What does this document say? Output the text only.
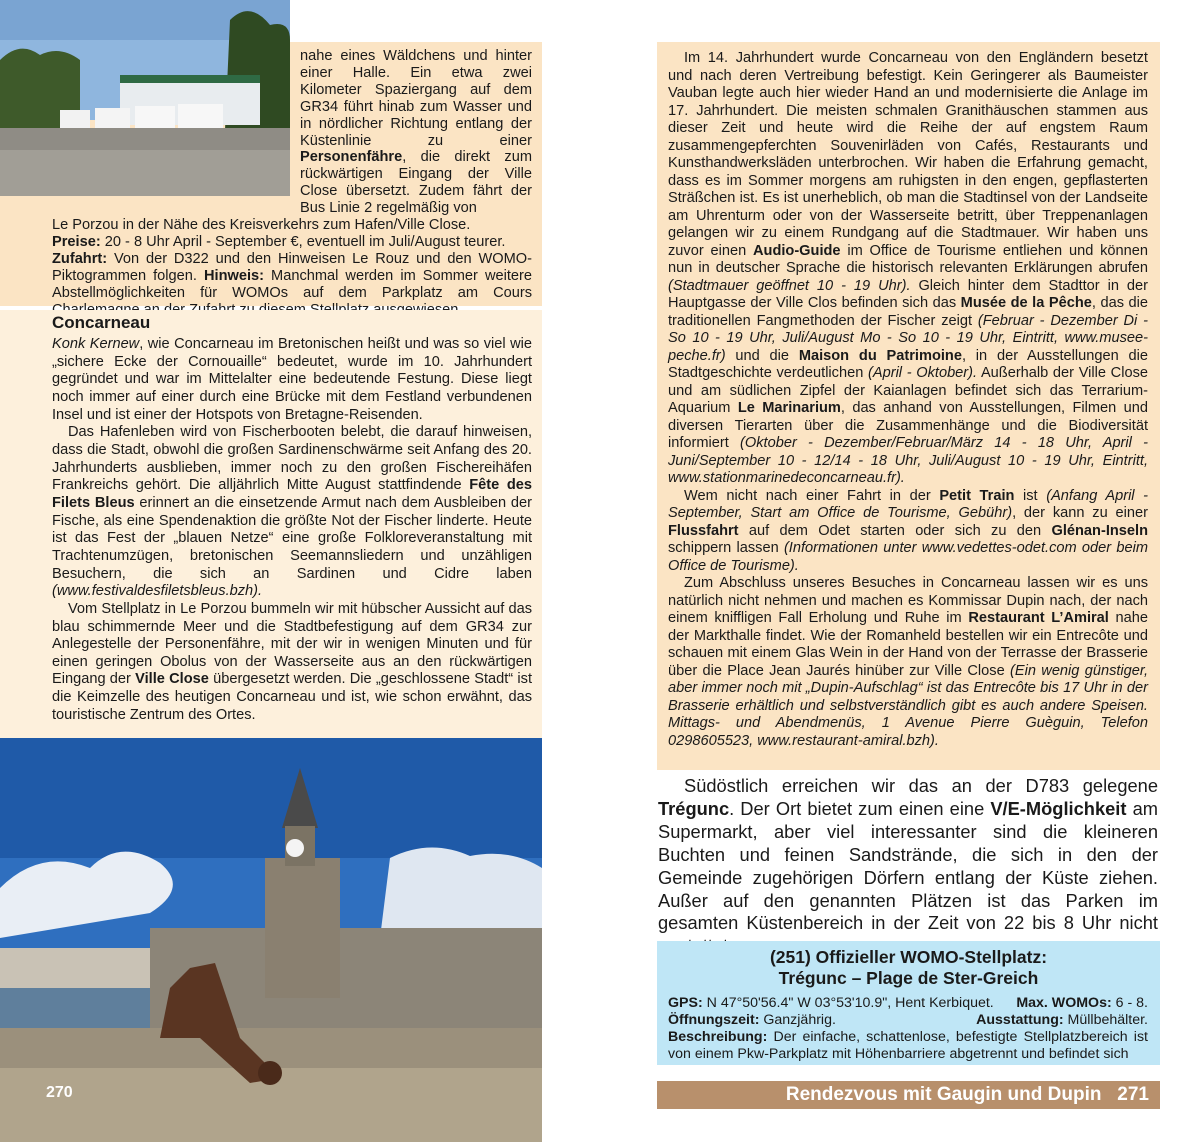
nahe eines Wäldchens und hinter einer Halle. Ein etwa zwei Kilometer Spaziergang auf dem GR34 führt hinab zum Wasser und in nördlicher Richtung entlang der Küstenlinie zu einer Personenfähre, die direkt zum rückwärtigen Eingang der Ville Close übersetzt. Zudem fährt der Bus Linie 2 regelmäßig von

Le Porzou in der Nähe des Kreisverkehrs zum Hafen/Ville Close.

Preise: 20 - 8 Uhr April - September €, eventuell im Juli/August teurer.

Zufahrt: Von der D322 und den Hinweisen Le Rouz und den WOMO-Piktogrammen folgen. Hinweis: Manchmal werden im Sommer weitere Abstellmöglichkeiten für WOMOs auf dem Parkplatz am Cours

Concarneau

Konk Kernew, wie Concarneau im Bretonischen heißt und was so viel wie „sichere Ecke der Cornouaille“ bedeutet, wurde im 10. Jahrhundert gegründet und war im Mittelalter eine bedeutende Festung. Diese liegt noch immer auf einer durch eine Brücke mit dem Festland verbundenen Insel und ist einer der Hotspots von Bretagne-Reisenden.

Das Hafenleben wird von Fischerbooten belebt, die darauf hinweisen, dass die Stadt, obwohl die großen Sardinenschwärme seit Anfang des 20. Jahrhunderts ausblieben, immer noch zu den großen Fischereihäfen Frankreichs gehört. Die alljährlich Mitte August stattfindende Fête des Filets Bleus erinnert an die einsetzende Armut nach dem Ausbleiben der Fische, als eine Spendenaktion die größte Not der Fischer linderte. Heute ist das Fest der „blauen Netze“ eine große Folkloreveranstaltung mit Trachtenumzügen, bretonischen Seemannsliedern und unzähligen Besuchern, die sich an Sardinen und Cidre laben (www.festivaldesfiletsbleus.bzh).

Vom Stellplatz in Le Porzou bummeln wir mit hübscher Aussicht auf das blau schimmernde Meer und die Stadtbefestigung auf dem GR34 zur Anlegestelle der Personenfähre, mit der wir in wenigen Minuten und für einen geringen Obolus von der Wasserseite aus an den rückwärtigen Eingang der Ville Close übergesetzt werden. Die „geschlossene Stadt“ ist die Keimzelle des heutigen Concarneau und ist, wie schon erwähnt, das touristische Zentrum des Ortes.

270

Im 14. Jahrhundert wurde Concarneau von den Engländern besetzt und nach deren Vertreibung befestigt. Kein Geringerer als Baumeister Vauban legte auch hier wieder Hand an und modernisierte die Anlage im 17. Jahrhundert. Die meisten schmalen Granithäuschen stammen aus dieser Zeit und heute wird die Reihe der auf engstem Raum zusammengepferchten Souvenirläden von Cafés, Restaurants und Kunsthandwerksläden unterbrochen. Wir haben die Erfahrung gemacht, dass es im Sommer morgens am ruhigsten in den engen, gepflasterten Sträßchen ist. Es ist unerheblich, ob man die Stadtinsel von der Landseite am Uhrenturm oder von der Wasserseite betritt, über Treppenanlagen gelangen wir zu einem Rundgang auf die Stadtmauer. Wir haben uns zuvor einen Audio-Guide im Office de Tourisme entliehen und können nun in deutscher Sprache die historisch relevanten Erklärungen abrufen (Stadtmauer geöffnet 10 - 19 Uhr). Gleich hinter dem Stadttor in der Hauptgasse der Ville Clos befinden sich das Musée de la Pêche, das die traditionellen Fangmethoden der Fischer zeigt (Februar - Dezember Di - So 10 - 19 Uhr, Juli/August Mo - So 10 - 19 Uhr, Eintritt, www.musee-peche.fr) und die Maison du Patrimoine, in der Ausstellungen die Stadtgeschichte verdeutlichen (April - Oktober). Außerhalb der Ville Close und am südlichen Zipfel der Kaianlagen befindet sich das Terrarium-Aquarium Le Marinarium, das anhand von Ausstellungen, Filmen und diversen Tierarten über die Zusammenhänge und die Biodiversität informiert (Oktober - Dezember/Februar/März 14 - 18 Uhr, April - Juni/September 10 - 12/14 - 18 Uhr, Juli/August 10 - 19 Uhr, Eintritt, www.stationmarinedeconcarneau.fr).

Wem nicht nach einer Fahrt in der Petit Train ist (Anfang April - September, Start am Office de Tourisme, Gebühr), der kann zu einer Flussfahrt auf dem Odet starten oder sich zu den Glénan-Inseln schippern lassen (Informationen unter www.vedettes-odet.com oder beim Office de Tourisme).

Zum Abschluss unseres Besuches in Concarneau lassen wir es uns natürlich nicht nehmen und machen es Kommissar Dupin nach, der nach einem kniffligen Fall Erholung und Ruhe im Restaurant L’Amiral nahe der Markthalle findet. Wie der Romanheld bestellen wir ein Entrecôte und schauen mit einem Glas Wein in der Hand von der Terrasse der Brasserie über die Place Jean Jaurés hinüber zur Ville Close (Ein wenig günstiger, aber immer noch mit „Dupin-Aufschlag“ ist das Entrecôte bis 17 Uhr in der Brasserie erhältlich und selbstverständlich gibt es auch andere Speisen. Mittags- und Abendmenüs, 1 Avenue Pierre Guèguin, Telefon 0298605523, www.restaurant-amiral.bzh).

Südöstlich erreichen wir das an der D783 gelegene Trégunc. Der Ort bietet zum einen eine V/E-Möglichkeit am Supermarkt, aber viel interessanter sind die kleineren Buchten und feinen Sandstrände, die sich in den der Gemeinde zugehörigen Dörfern entlang der Küste ziehen. Außer auf den genannten Plätzen ist das Parken im gesamten Küstenbereich in der Zeit von 22 bis 8 Uhr nicht

(251) Offizieller WOMO-Stellplatz:
Trégunc – Plage de Ster-Greich
GPS: N 47°50'56.4" W 03°53'10.9", Hent Kerbiquet. Max. WOMOs: 6 - 8.
Öffnungszeit: Ganzjährig.	Ausstattung: Müllbehälter.
Beschreibung: Der einfache, schattenlose, befestigte Stellplatzbereich ist von einem Pkw-Parkplatz mit Höhenbarriere abgetrennt und befindet sich
Rendezvous mit Gaugin und Dupin 271
